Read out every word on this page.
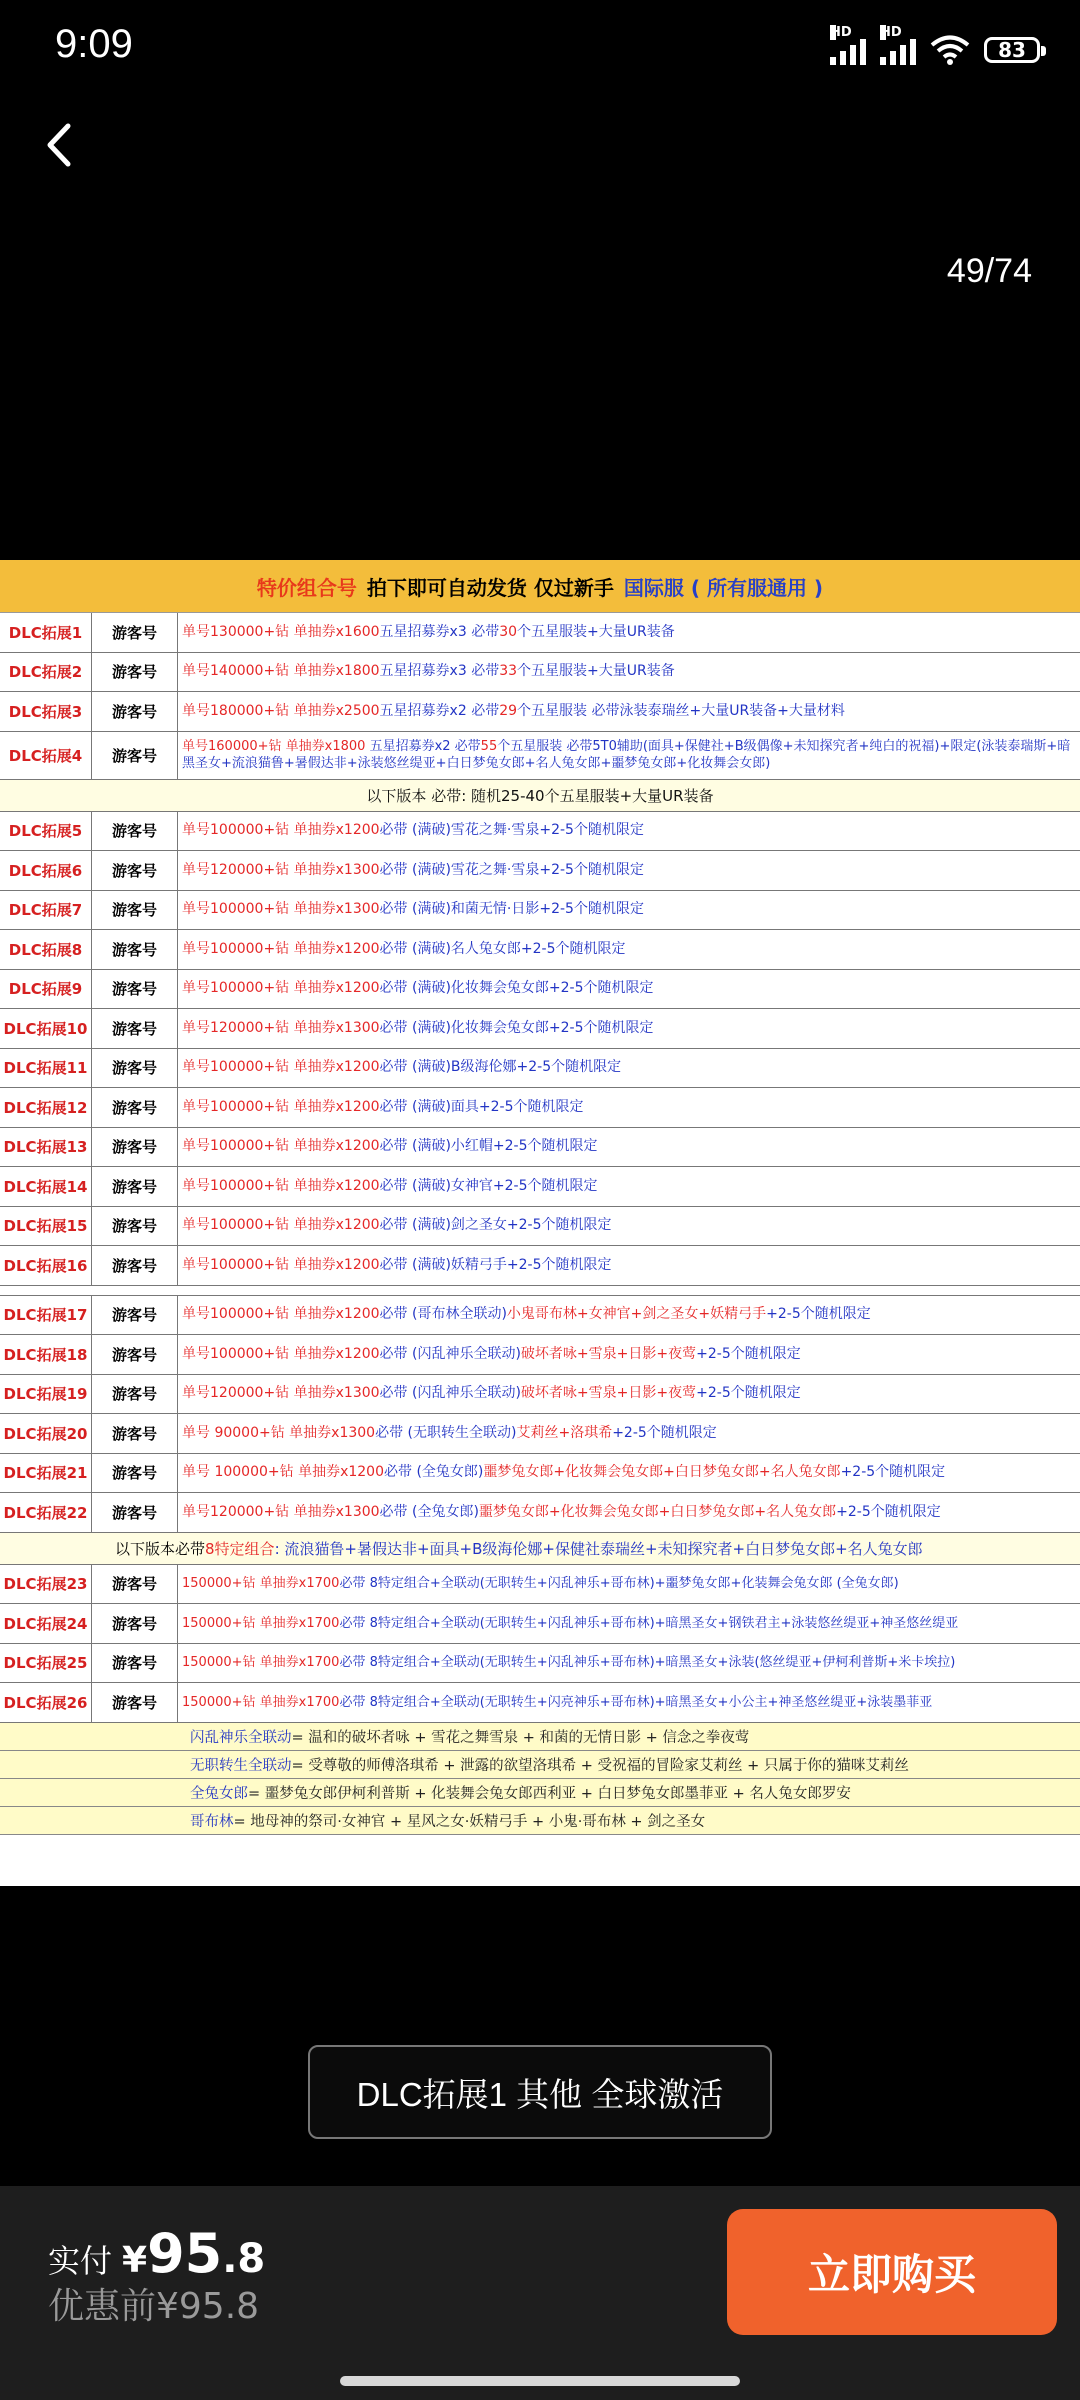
9:09	HD HD
83
49/74
特价组合号 拍下即可自动发货 仅过新手 国际服 ( 所有服通用 )
DLC拓展1	游客号	单号130000+钻 单抽券x1600 五星招募券x3 必带 30 个五星服装+大量UR装备
DLC拓展2	游客号	单号140000+钻 单抽券x1800 五星招募券x3 必带 33 个五星服装+大量UR装备
DLC拓展3	游客号	单号180000+钻 单抽券x2500 五星招募券x2 必带 29 个五星服装 必带泳装泰瑞丝+大量UR装备+大量材料
DLC拓展4	游客号	单号160000+钻 单抽券x1800 五星招募券x2 必带55个五星服装 必带5T0辅助(面具+保健社+B级偶像+未知探究者+纯白的祝福)+限定(泳装泰瑞斯+暗黑圣女+流浪猫鲁+暑假达非+泳装悠丝缇亚+白日梦兔女郎+名人兔女郎+噩梦兔女郎+化妆舞会女郎)
以下版本 必带: 随机25-40个五星服装+大量UR装备
DLC拓展5	游客号	单号100000+钻 单抽券x1200 必带 (满破)雪花之舞·雪泉+2-5个随机限定
DLC拓展6	游客号	单号120000+钻 单抽券x1300 必带 (满破)雪花之舞·雪泉+2-5个随机限定
DLC拓展7	游客号	单号100000+钻 单抽券x1300 必带 (满破)和菌无情·日影+2-5个随机限定
DLC拓展8	游客号	单号100000+钻 单抽券x1200 必带 (满破)名人兔女郎+2-5个随机限定
DLC拓展9	游客号	单号100000+钻 单抽券x1200 必带 (满破)化妆舞会兔女郎+2-5个随机限定
DLC拓展10	游客号	单号120000+钻 单抽券x1300 必带 (满破)化妆舞会兔女郎+2-5个随机限定
DLC拓展11	游客号	单号100000+钻 单抽券x1200 必带 (满破)B级海伦娜+2-5个随机限定
DLC拓展12	游客号	单号100000+钻 单抽券x1200 必带 (满破)面具+2-5个随机限定
DLC拓展13	游客号	单号100000+钻 单抽券x1200 必带 (满破)小红帽+2-5个随机限定
DLC拓展14	游客号	单号100000+钻 单抽券x1200 必带 (满破)女神官+2-5个随机限定
DLC拓展15	游客号	单号100000+钻 单抽券x1200 必带 (满破)剑之圣女+2-5个随机限定
DLC拓展16	游客号	单号100000+钻 单抽券x1200 必带 (满破)妖精弓手+2-5个随机限定
DLC拓展17	游客号	单号100000+钻 单抽券x1200 必带 (哥布林全联动) 小鬼哥布林+女神官+剑之圣女+妖精弓手 +2-5个随机限定
DLC拓展18	游客号	单号100000+钻 单抽券x1200 必带 (闪乱神乐全联动) 破坏者咏+雪泉+日影+夜莺 +2-5个随机限定
DLC拓展19	游客号	单号120000+钻 单抽券x1300 必带 (闪乱神乐全联动) 破坏者咏+雪泉+日影+夜莺 +2-5个随机限定
DLC拓展20	游客号	单号 90000+钻 单抽券x1300 必带 (无职转生全联动) 艾莉丝+洛琪希 +2-5个随机限定
DLC拓展21	游客号	单号 100000+钻 单抽券x1200 必带 (全兔女郎) 噩梦兔女郎+化妆舞会兔女郎+白日梦兔女郎+名人兔女郎 +2-5个随机限定
DLC拓展22	游客号	单号120000+钻 单抽券x1300 必带 (全兔女郎) 噩梦兔女郎+化妆舞会兔女郎+白日梦兔女郎+名人兔女郎 +2-5个随机限定
以下版本必带 8特定组合 : 流浪猫鲁+暑假达非+面具+B级海伦娜+保健社泰瑞丝+未知探究者+白日梦兔女郎+名人兔女郎
DLC拓展23	游客号	150000+钻 单抽券x1700 必带 8特定组合+全联动(无职转生+闪乱神乐+哥布林)+噩梦兔女郎+化装舞会兔女郎 (全兔女郎)
DLC拓展24	游客号	150000+钻 单抽券x1700 必带 8特定组合+全联动(无职转生+闪乱神乐+哥布林)+暗黑圣女+钢铁君主+泳装悠丝缇亚+神圣悠丝缇亚
DLC拓展25	游客号	150000+钻 单抽券x1700 必带 8特定组合+全联动(无职转生+闪乱神乐+哥布林)+暗黑圣女+泳装(悠丝缇亚+伊柯利普斯+米卡埃拉)
DLC拓展26	游客号	150000+钻 单抽券x1700 必带 8特定组合+全联动(无职转生+闪亮神乐+哥布林)+暗黑圣女+小公主+神圣悠丝缇亚+泳装墨菲亚
闪乱神乐全联动 = 温和的破坏者咏 + 雪花之舞雪泉 + 和菌的无情日影 + 信念之拳夜莺
无职转生全联动 = 受尊敬的师傅洛琪希 + 泄露的欲望洛琪希 + 受祝福的冒险家艾莉丝 + 只属于你的猫咪艾莉丝
全兔女郎 = 噩梦兔女郎伊柯利普斯 + 化装舞会兔女郎西利亚 + 白日梦兔女郎墨菲亚 + 名人兔女郎罗安
哥布林 = 地母神的祭司·女神官 + 星风之女·妖精弓手 + 小鬼·哥布林 + 剑之圣女
DLC拓展1 其他 全球激活
实付 ¥ 95 .8
优惠前¥95.8
立即购买
